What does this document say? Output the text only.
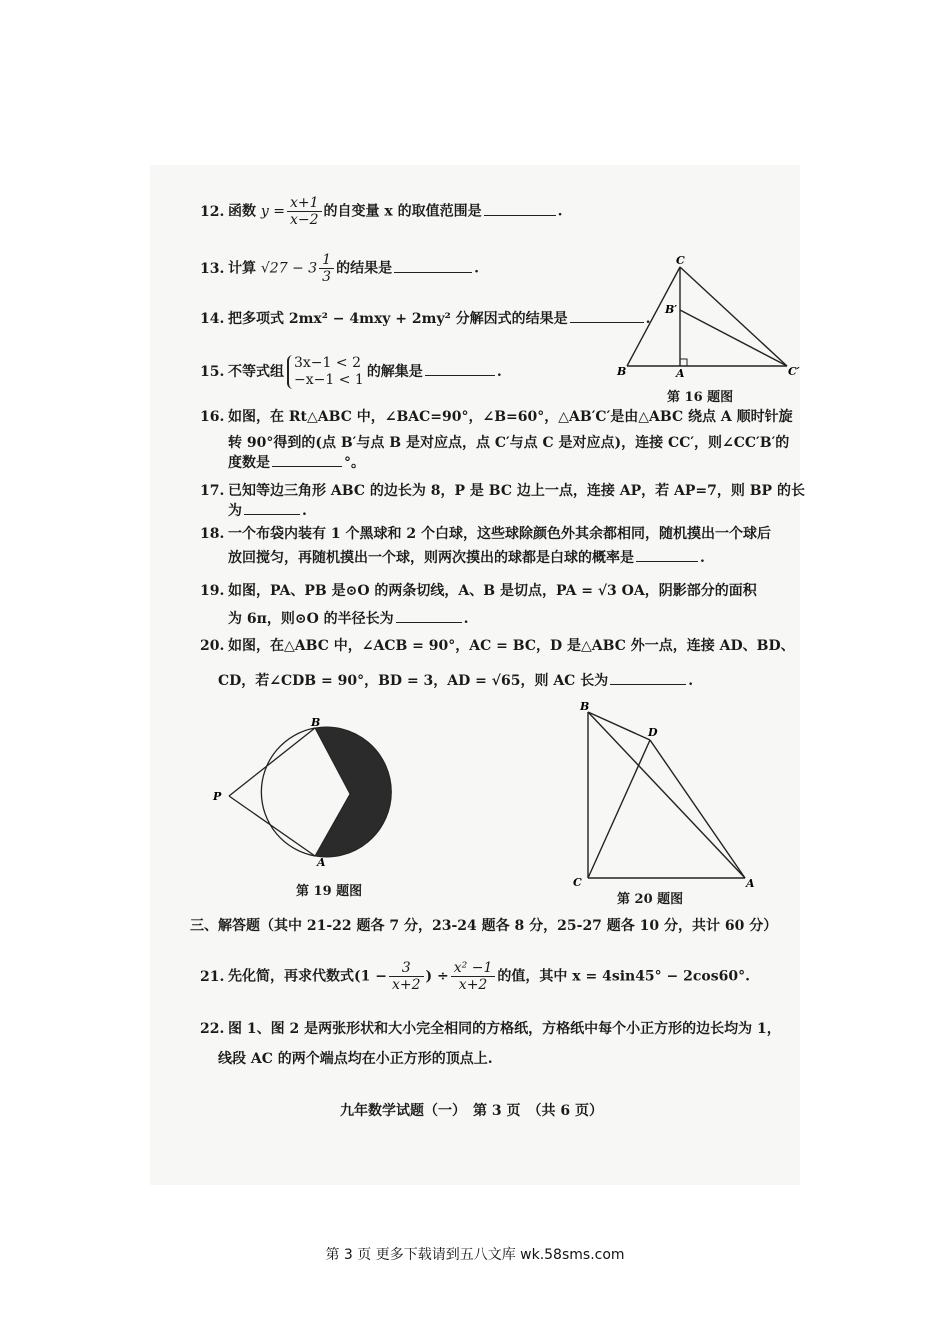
12. 函数 $y = \frac{x+1}{x-2}$ 的自变量 x 的取值范围是	.
13. 计算 $√27 - 3 \frac{1}{3}$ 的结果是	.
14. 把多项式 2mx² − 4mxy + 2my² 分解因式的结果是	.
15. 不等式组
3x−1 < 2
−x−1 < 1 的解集是	.
C
B′
B	A	C′
第 16 题图
16. 如图，在 Rt△ABC 中，∠BAC=90°，∠B=60°，△AB′C′是由△ABC 绕点 A 顺时针旋
转 90°得到的(点 B′与点 B 是对应点，点 C′与点 C 是对应点)，连接 CC′，则∠CC′B′的
度数是	°。
17. 已知等边三角形 ABC 的边长为 8，P 是 BC 边上一点，连接 AP，若 AP=7，则 BP 的长
为	.
18. 一个布袋内装有 1 个黑球和 2 个白球，这些球除颜色外其余都相同，随机摸出一个球后
放回搅匀，再随机摸出一个球，则两次摸出的球都是白球的概率是	.
19. 如图，PA、PB 是⊙O 的两条切线，A、B 是切点，PA = √3 OA，阴影部分的面积
为 6π，则⊙O 的半径长为	.
20. 如图，在△ABC 中，∠ACB = 90°，AC = BC，D 是△ABC 外一点，连接 AD、BD、
CD，若∠CDB = 90°，BD = 3，AD = √65，则 AC 长为	.
B
P
A
第 19 题图
B
D
C	A
第 20 题图
三、解答题（其中 21-22 题各 7 分，23-24 题各 8 分，25-27 题各 10 分，共计 60 分）
21. 先化简，再求代数式($1 - \frac{3}{x+2}$ ) ÷ $\frac{\text{x² −1}}{x+2}$ 的值，其中 x = 4sin45° − 2cos60°.
22. 图 1、图 2 是两张形状和大小完全相同的方格纸，方格纸中每个小正方形的边长均为 1，
线段 AC 的两个端点均在小正方形的顶点上.
九年数学试题（一）　第 3 页　（共 6 页）
第 3 页 更多下载请到五八文库 wk.58sms.com
